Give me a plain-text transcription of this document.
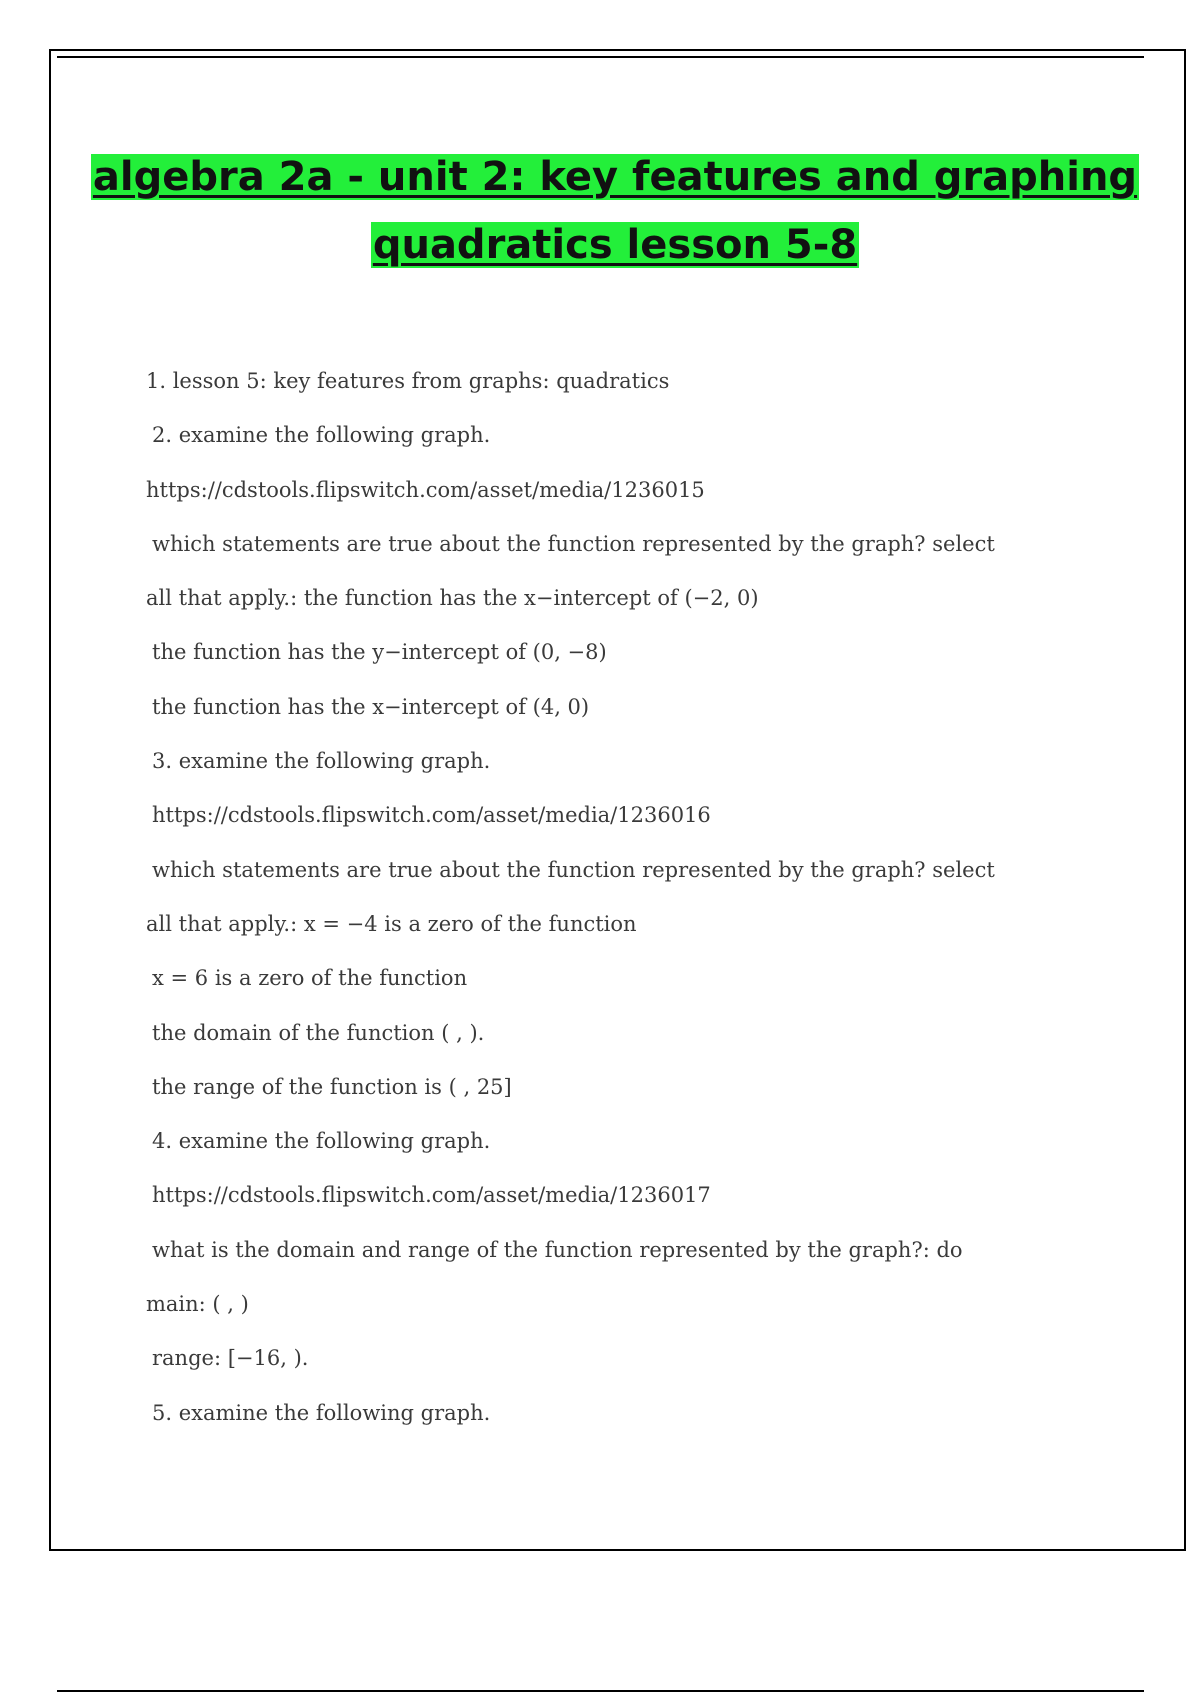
algebra 2a - unit 2: key features and graphing
quadratics lesson 5-8
1. lesson 5: key features from graphs: quadratics
2. examine the following graph.
https://cdstools.flipswitch.com/asset/media/1236015
which statements are true about the function represented by the graph? select
all that apply.: the function has the x−intercept of (−2, 0)
the function has the y−intercept of (0, −8)
the function has the x−intercept of (4, 0)
3. examine the following graph.
https://cdstools.flipswitch.com/asset/media/1236016
which statements are true about the function represented by the graph? select
all that apply.: x = −4 is a zero of the function
x = 6 is a zero of the function
the domain of the function ( , ).
the range of the function is ( , 25]
4. examine the following graph.
https://cdstools.flipswitch.com/asset/media/1236017
what is the domain and range of the function represented by the graph?: do
main: ( , )
range: [−16, ).
5. examine the following graph.
